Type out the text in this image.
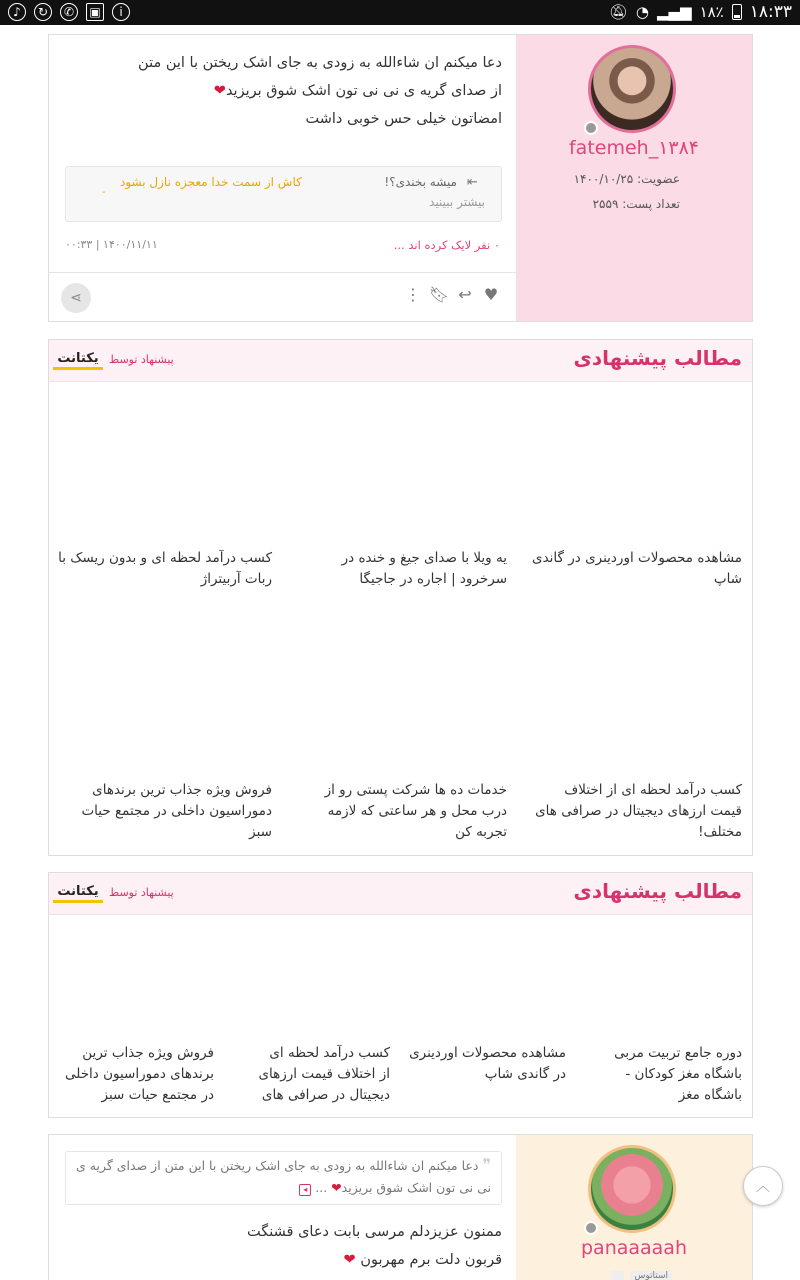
♪	↻	✆	▣	i	🔕︎ ◔ ▂▄▆ ۱۸٪ ۱۸:۳۳
fatemeh_۱۳۸۴
عضویت: ۱۴۰۰/۱۰/۲۵
تعداد پست: ۲۵۵۹
دعا میکنم ان شاءالله به زودی به جای اشک ریختن با این متن
از صدای گریه ی نی نی تون اشک شوق بریزید❤
امضاتون خیلی حس خوبی داشت
⇤
میشه بخندی؟!
بیشتر ببینید
کاش از سمت خدا معجزه نازل بشود
-
۰ نفر لایک کرده اند ...
۱۴۰۰/۱۱/۱۱ | ۰۰:۳۳
⋮ 🔖︎ ↩ ♥
⋖
مطالب پیشنهادی
پیشنهاد توسط
یکتانت
مشاهده محصولات اوردینری در گاندی شاپ
یه ویلا با صدای جیغ و خنده در سرخرود | اجاره در جاجیگا
کسب درآمد لحظه ای و بدون ریسک با ربات آربیتراژ
کسب درآمد لحظه ای از اختلاف قیمت ارزهای دیجیتال در صرافی های مختلف!
خدمات ده ها شرکت پستی رو از درب محل و هر ساعتی که لازمه تجربه کن
فروش ویژه جذاب ترین برندهای دموراسیون داخلی در مجتمع حیات سبز
مطالب پیشنهادی
پیشنهاد توسط
یکتانت
دوره جامع تربیت مربی باشگاه مغز کودکان - باشگاه مغز
مشاهده محصولات اوردینری در گاندی شاپ
کسب درآمد لحظه ای از اختلاف قیمت ارزهای دیجیتال در صرافی های
فروش ویژه جذاب ترین برندهای دموراسیون داخلی در مجتمع حیات سبز
panaaaaah

استاتوس
❞ دعا میکنم ان شاءالله به زودی به جای اشک ریختن با این متن از صدای گریه ی نی نی تون اشک شوق بریزید❤ ... ◂
ممنون عزیزدلم مرسی بابت دعای قشنگت
قربون دلت برم مهربون ❤
︿
